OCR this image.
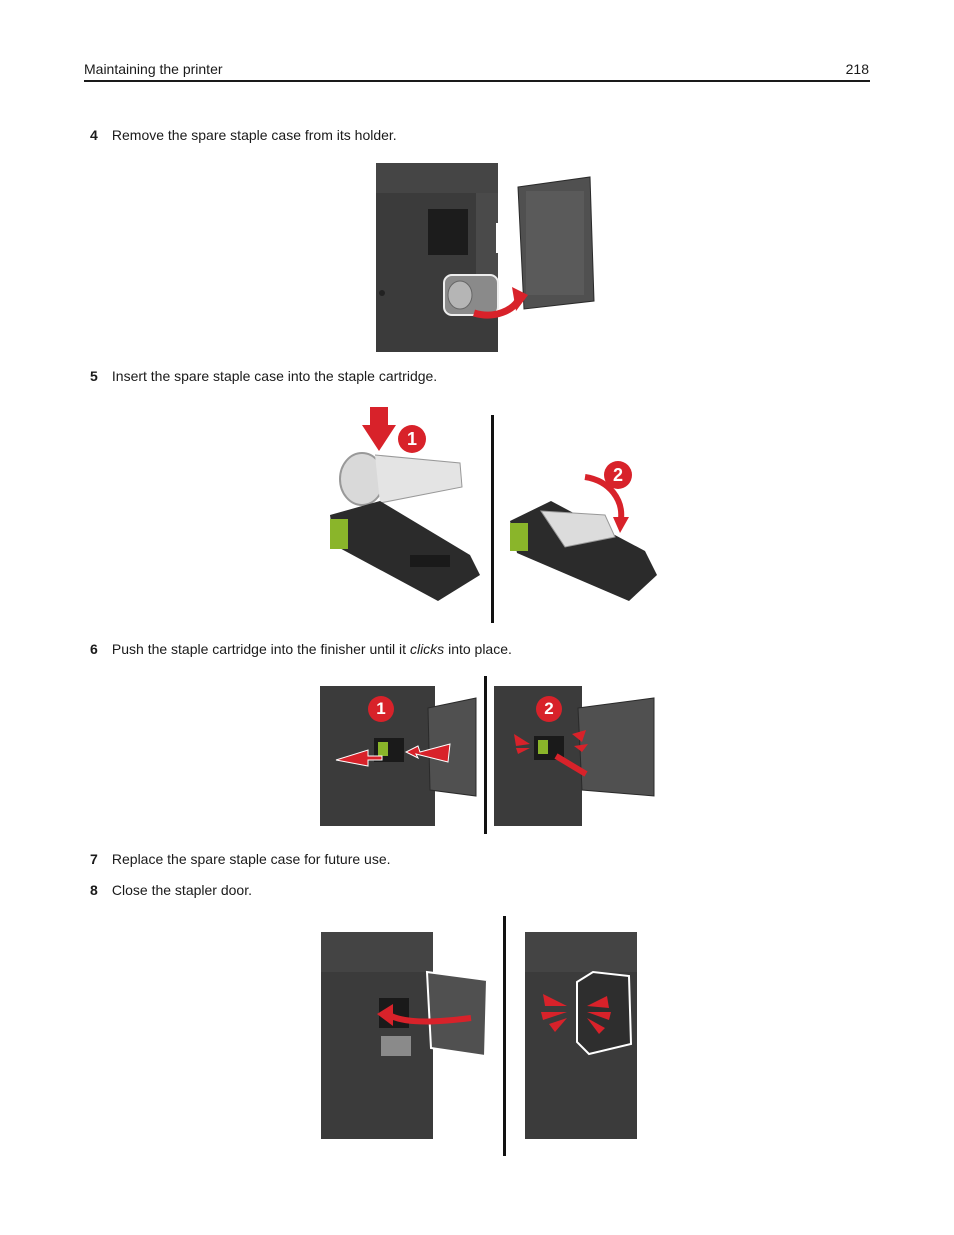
Maintaining the printer	218
4 Remove the spare staple case from its holder.
5 Insert the spare staple case into the staple cartridge.
1
2
6 Push the staple cartridge into the finisher until it clicks into place.
1	2
7 Replace the spare staple case for future use.
8 Close the stapler door.
